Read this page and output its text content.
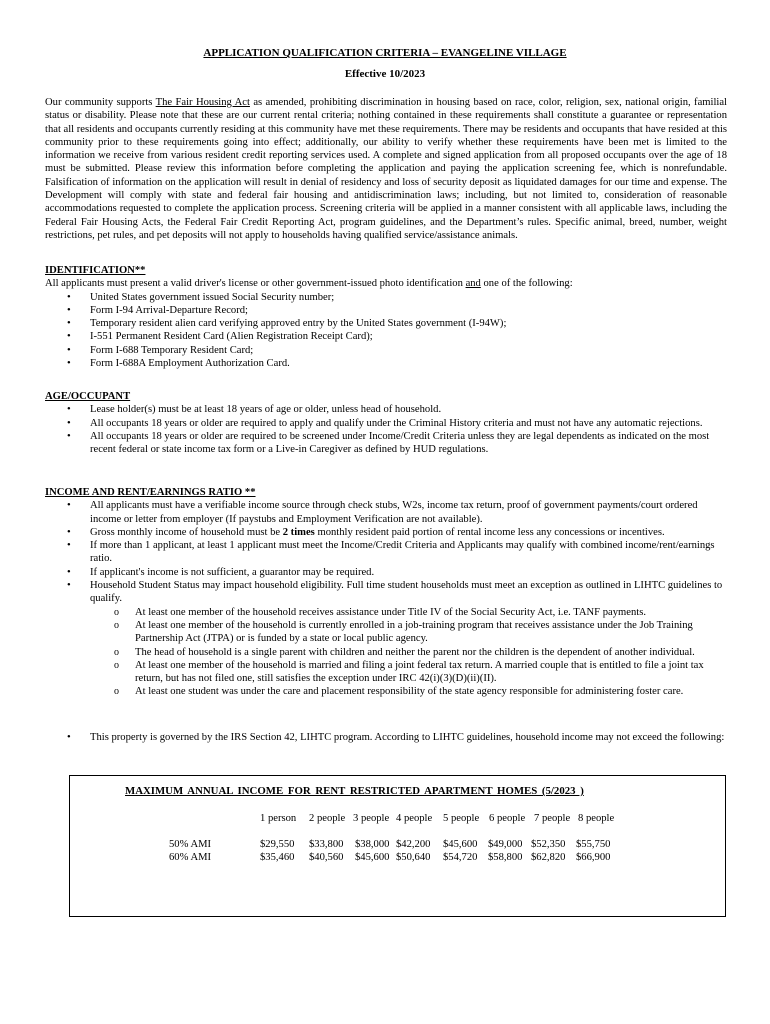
APPLICATION QUALIFICATION CRITERIA – EVANGELINE VILLAGE
Effective 10/2023
Our community supports The Fair Housing Act as amended, prohibiting discrimination in housing based on race, color, religion, sex, national origin, familial status or disability. Please note that these are our current rental criteria; nothing contained in these requirements shall constitute a guarantee or representation that all residents and occupants currently residing at this community have met these requirements. There may be residents and occupants that have resided at this community prior to these requirements going into effect; additionally, our ability to verify whether these requirements have been met is limited to the information we receive from various resident credit reporting services used. A complete and signed application from all proposed occupants over the age of 18 must be submitted. Please review this information before completing the application and paying the application screening fee, which is nonrefundable. Falsification of information on the application will result in denial of residency and loss of security deposit as liquidated damages for our time and expense. The Development will comply with state and federal fair housing and antidiscrimination laws; including, but not limited to, consideration of reasonable accommodations requested to complete the application process. Screening criteria will be applied in a manner consistent with all applicable laws, including the Federal Fair Housing Acts, the Federal Fair Credit Reporting Act, program guidelines, and the Department’s rules. Specific animal, breed, number, weight restrictions, pet rules, and pet deposits will not apply to households having qualified service/assistance animals.
IDENTIFICATION**
All applicants must present a valid driver's license or other government-issued photo identification and one of the following:
• United States government issued Social Security number;
• Form I-94 Arrival-Departure Record;
• Temporary resident alien card verifying approved entry by the United States government (I-94W);
• I-551 Permanent Resident Card (Alien Registration Receipt Card);
• Form I-688 Temporary Resident Card;
• Form I-688A Employment Authorization Card.
AGE/OCCUPANT
• Lease holder(s) must be at least 18 years of age or older, unless head of household.
• All occupants 18 years or older are required to apply and qualify under the Criminal History criteria and must not have any automatic rejections.
• All occupants 18 years or older are required to be screened under Income/Credit Criteria unless they are legal dependents as indicated on the most recent federal or state income tax form or a Live-in Caregiver as defined by HUD regulations.
INCOME AND RENT/EARNINGS RATIO **
• All applicants must have a verifiable income source through check stubs, W2s, income tax return, proof of government payments/court ordered income or letter from employer (If paystubs and Employment Verification are not available).
• Gross monthly income of household must be 2 times monthly resident paid portion of rental income less any concessions or incentives.
• If more than 1 applicant, at least 1 applicant must meet the Income/Credit Criteria and Applicants may qualify with combined income/rent/earnings ratio.
• If applicant's income is not sufficient, a guarantor may be required.
• Household Student Status may impact household eligibility. Full time student households must meet an exception as outlined in LIHTC guidelines to qualify.
o At least one member of the household receives assistance under Title IV of the Social Security Act, i.e. TANF payments.
o At least one member of the household is currently enrolled in a job-training program that receives assistance under the Job Training Partnership Act (JTPA) or is funded by a state or local public agency.
o The head of household is a single parent with children and neither the parent nor the children is the dependent of another individual.
o At least one member of the household is married and filing a joint federal tax return. A married couple that is entitled to file a joint tax return, but has not filed one, still satisfies the exception under IRC 42(i)(3)(D)(ii)(II).
o At least one student was under the care and placement responsibility of the state agency responsible for administering foster care.
• This property is governed by the IRS Section 42, LIHTC program. According to LIHTC guidelines, household income may not exceed the following:
MAXIMUM ANNUAL INCOME FOR RENT RESTRICTED APARTMENT HOMES (5/2023 )
1 person 2 people 3 people 4 people 5 people 6 people 7 people 8 people
50% AMI	$29,550 $33,800 $38,000 $42,200 $45,600 $49,000 $52,350 $55,750
60% AMI	$35,460 $40,560 $45,600 $50,640 $54,720 $58,800 $62,820 $66,900
